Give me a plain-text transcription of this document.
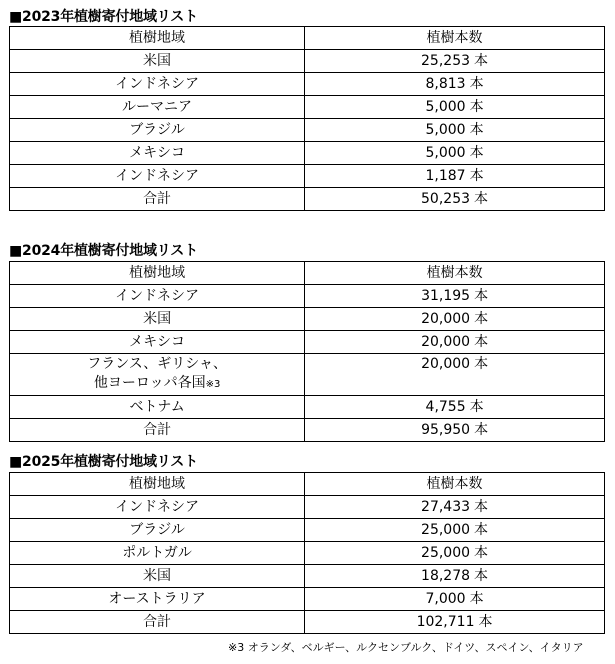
■2023年植樹寄付地域リスト
植樹地域	植樹本数
米国	25,253 本
インドネシア	8,813 本
ルーマニア	5,000 本
ブラジル	5,000 本
メキシコ	5,000 本
インドネシア	1,187 本
合計	50,253 本
■2024年植樹寄付地域リスト
植樹地域	植樹本数
インドネシア	31,195 本
米国	20,000 本
メキシコ	20,000 本

フランス、ギリシャ、
他ヨーロッパ各国※3	20,000 本
ベトナム	4,755 本
合計	95,950 本
■2025年植樹寄付地域リスト
植樹地域	植樹本数
インドネシア	27,433 本
ブラジル	25,000 本
ポルトガル	25,000 本
米国	18,278 本
オーストラリア	7,000 本
合計	102,711 本
※3 オランダ、ベルギー、ルクセンブルク、ドイツ、スペイン、イタリア
